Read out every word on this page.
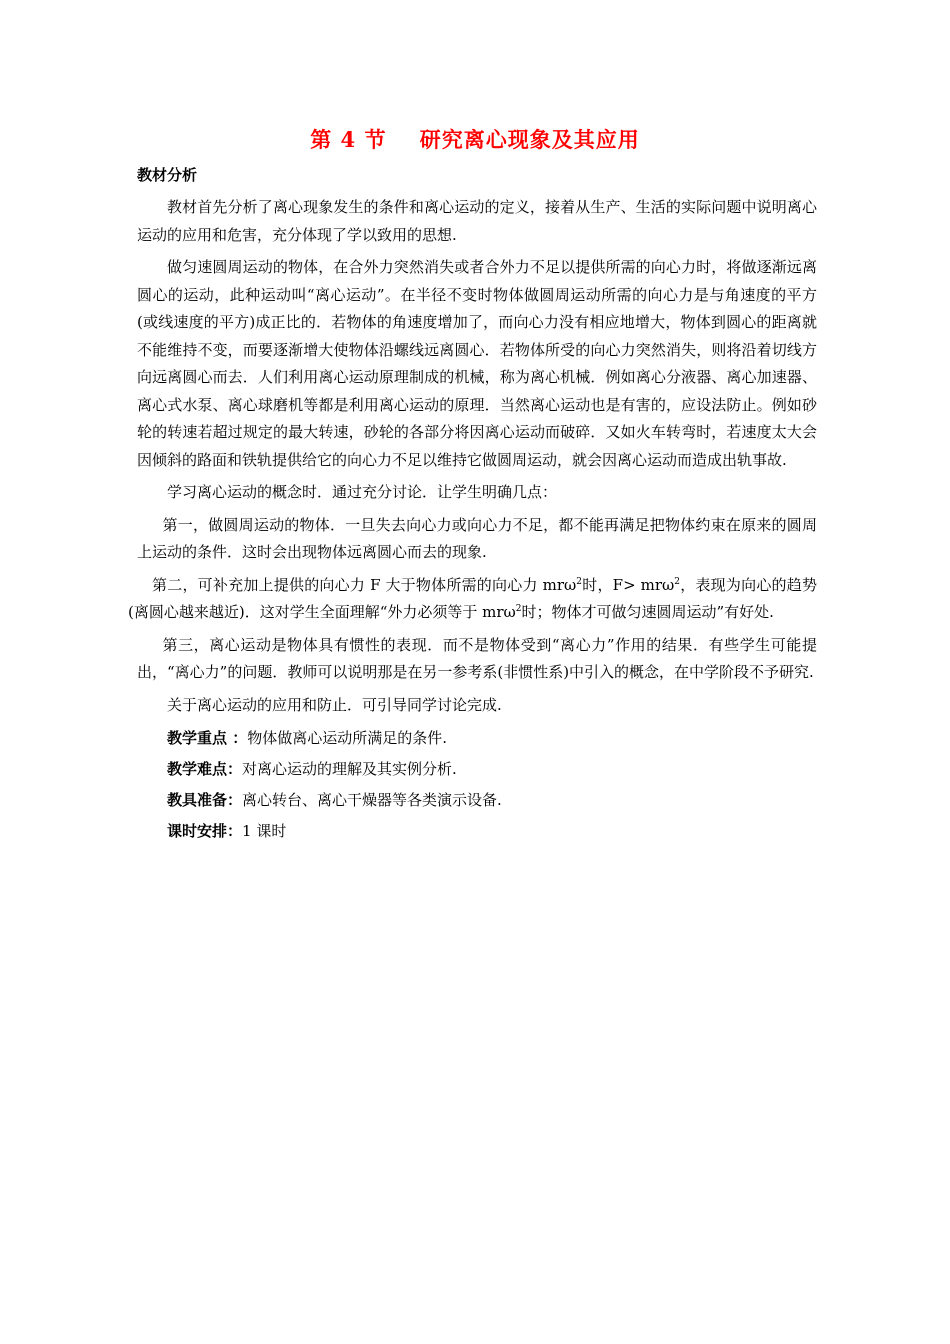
第 4 节    研究离心现象及其应用
教材分析

教材首先分析了离心现象发生的条件和离心运动的定义，接着从生产、生活的实际问题中说明离心运动的应用和危害，充分体现了学以致用的思想.

做匀速圆周运动的物体，在合外力突然消失或者合外力不足以提供所需的向心力时，将做逐渐远离圆心的运动，此种运动叫“离心运动”。在半径不变时物体做圆周运动所需的向心力是与角速度的平方(或线速度的平方)成正比的．若物体的角速度增加了，而向心力没有相应地增大，物体到圆心的距离就不能维持不变，而要逐渐增大使物体沿螺线远离圆心．若物体所受的向心力突然消失，则将沿着切线方向远离圆心而去．人们利用离心运动原理制成的机械，称为离心机械．例如离心分液器、离心加速器、离心式水泵、离心球磨机等都是利用离心运动的原理．当然离心运动也是有害的，应设法防止。例如砂轮的转速若超过规定的最大转速，砂轮的各部分将因离心运动而破碎．又如火车转弯时，若速度太大会因倾斜的路面和铁轨提供给它的向心力不足以维持它做圆周运动，就会因离心运动而造成出轨事故.

学习离心运动的概念时．通过充分讨论．让学生明确几点：

第一，做圆周运动的物体．一旦失去向心力或向心力不足，都不能再满足把物体约束在原来的圆周上运动的条件．这时会出现物体远离圆心而去的现象.

第二，可补充加上提供的向心力 F 大于物体所需的向心力 mrω$^2$时，F> mrω$^2$，表现为向心的趋势(离圆心越来越近)．这对学生全面理解“外力必须等于 mrω$^2$时；物体才可做匀速圆周运动”有好处.

第三，离心运动是物体具有惯性的表现．而不是物体受到“离心力”作用的结果．有些学生可能提出，“离心力”的问题．教师可以说明那是在另一参考系(非惯性系)中引入的概念，在中学阶段不予研究.

关于离心运动的应用和防止．可引导同学讨论完成.

教学重点 ：物体做离心运动所满足的条件.
教学难点：对离心运动的理解及其实例分析.
教具准备：离心转台、离心干燥器等各类演示设备.
课时安排：1 课时
